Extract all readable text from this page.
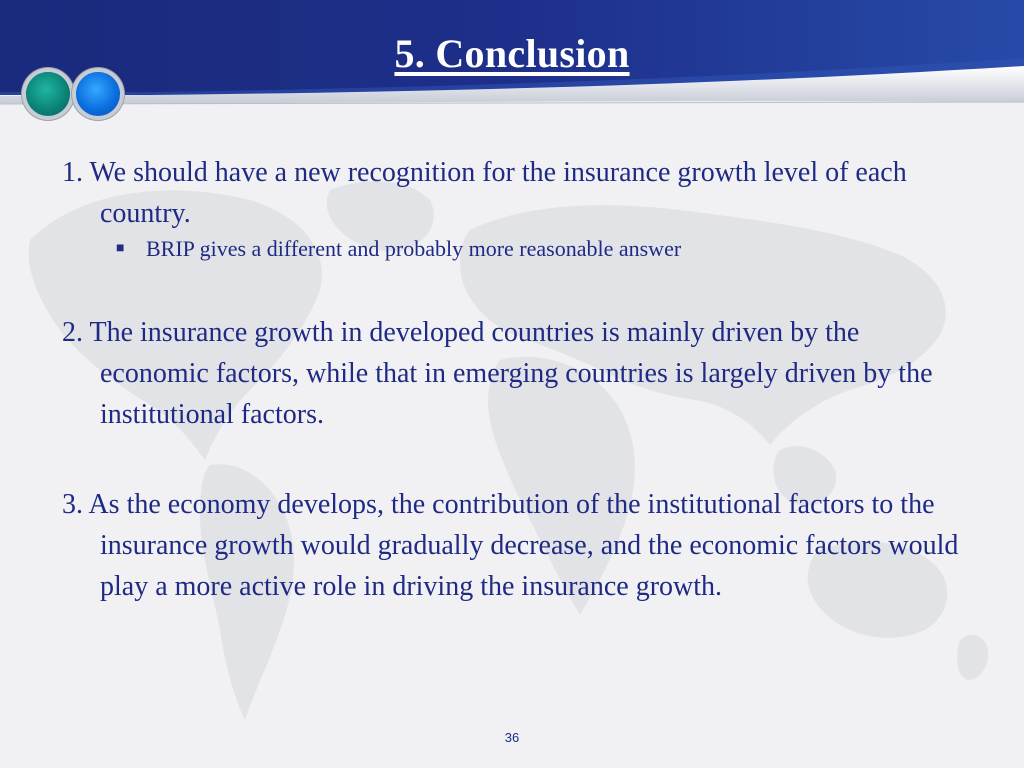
5. Conclusion

1. We should have a new recognition for the insurance growth level of each country.

■ BRIP gives a different and probably more reasonable answer

2. The insurance growth in developed countries is mainly driven by the economic factors, while that in emerging countries is largely driven by the institutional factors.

3. As the economy develops, the contribution of the institutional factors to the insurance growth would gradually decrease, and the economic factors would play a more active role in driving the insurance growth.

36
